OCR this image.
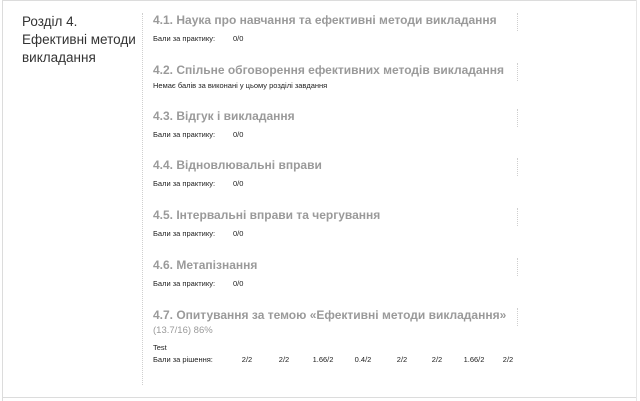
Розділ 4. Ефективні методи викладання
4.1. Наука про навчання та ефективні методи викладання
Бали за практику: 0/0
4.2. Спільне обговорення ефективних методів викладання
Немає балів за виконані у цьому розділі завдання
4.3. Відгук і викладання
Бали за практику: 0/0
4.4. Відновлювальні вправи
Бали за практику: 0/0
4.5. Інтервальні вправи та чергування
Бали за практику: 0/0
4.6. Метапізнання
Бали за практику: 0/0
4.7. Опитування за темою «Ефективні методи викладання»
(13.7/16) 86%
Test
Бали за рішення:	2/2	2/2	1.66/2	0.4/2	2/2	2/2	1.66/2 2/2
